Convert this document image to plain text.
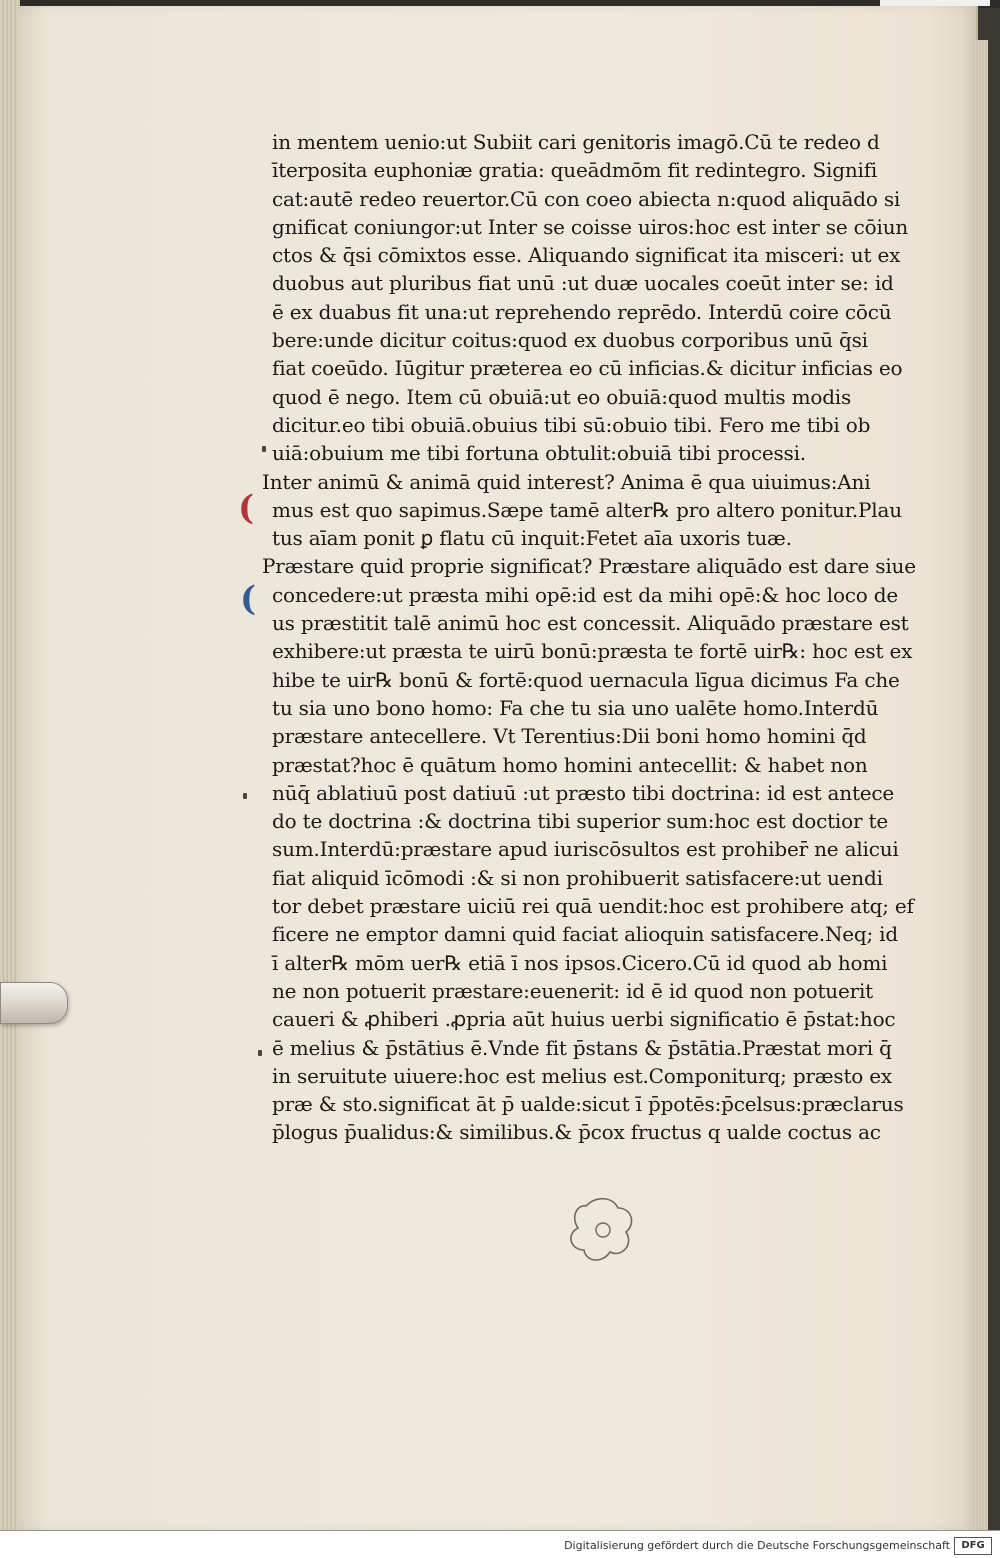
(
(
in mentem uenio:ut Subiit cari genitoris imagō.Cū te redeo d
īterposita euphoniæ gratia: queādmōm fit redintegro. Signifi
cat:autē redeo reuertor.Cū con coeo abiecta n:quod aliquādo si
gnificat coniungor:ut Inter se coisse uiros:hoc est inter se cōiun
ctos & q̄si cōmixtos esse. Aliquando significat ita misceri: ut ex
duobus aut pluribus fiat unū :ut duæ uocales coeūt inter se: id
ē ex duabus fit una:ut reprehendo reprēdo. Interdū coire cōcū
bere:unde dicitur coitus:quod ex duobus corporibus unū q̄si
fiat coeūdo. Iūgitur præterea eo cū inficias.& dicitur inficias eo
quod ē nego. Item cū obuiā:ut eo obuiā:quod multis modis
dicitur.eo tibi obuiā.obuius tibi sū:obuio tibi. Fero me tibi ob
uiā:obuium me tibi fortuna obtulit:obuiā tibi processi.
Inter animū & animā quid interest? Anima ē qua uiuimus:Ani
mus est quo sapimus.Sæpe tamē alter℞ pro altero ponitur.Plau
tus aīam ponit ꝑ flatu cū inquit:Fetet aīa uxoris tuæ.
Præstare quid proprie significat? Præstare aliquādo est dare siue
concedere:ut præsta mihi opē:id est da mihi opē:& hoc loco de
us præstitit talē animū hoc est concessit. Aliquādo præstare est
exhibere:ut præsta te uirū bonū:præsta te fortē uir℞: hoc est ex
hibe te uir℞ bonū & fortē:quod uernacula līgua dicimus Fa che
tu sia uno bono homo: Fa che tu sia uno ualēte homo.Interdū
præstare antecellere. Vt Terentius:Dii boni homo homini q̄d
præstat?hoc ē quātum homo homini antecellit: & habet non
nūq̄ ablatiuū post datiuū :ut præsto tibi doctrina: id est antece
do te doctrina :& doctrina tibi superior sum:hoc est doctior te
sum.Interdū:præstare apud iuriscōsultos est prohiber̄ ne alicui
fiat aliquid īcōmodi :& si non prohibuerit satisfacere:ut uendi
tor debet præstare uiciū rei quā uendit:hoc est prohibere atq; ef
ficere ne emptor damni quid faciat alioquin satisfacere.Neq; id
ī alter℞ mōm uer℞ etiā ī nos ipsos.Cicero.Cū id quod ab homi
ne non potuerit præstare:euenerit: id ē id quod non potuerit
caueri & ꝓhiberi .ꝓpria aūt huius uerbi significatio ē p̄stat:hoc
ē melius & p̄stātius ē.Vnde fit p̄stans & p̄stātia.Præstat mori q̄
in seruitute uiuere:hoc est melius est.Componiturq; præsto ex
præ & sto.significat āt p̄ ualde:sicut ī p̄potēs:p̄celsus:præclarus
p̄logus p̄ualidus:& similibus.& p̄cox fructus q ualde coctus ac
Digitalisierung gefördert durch die Deutsche Forschungsgemeinschaft	DFG
